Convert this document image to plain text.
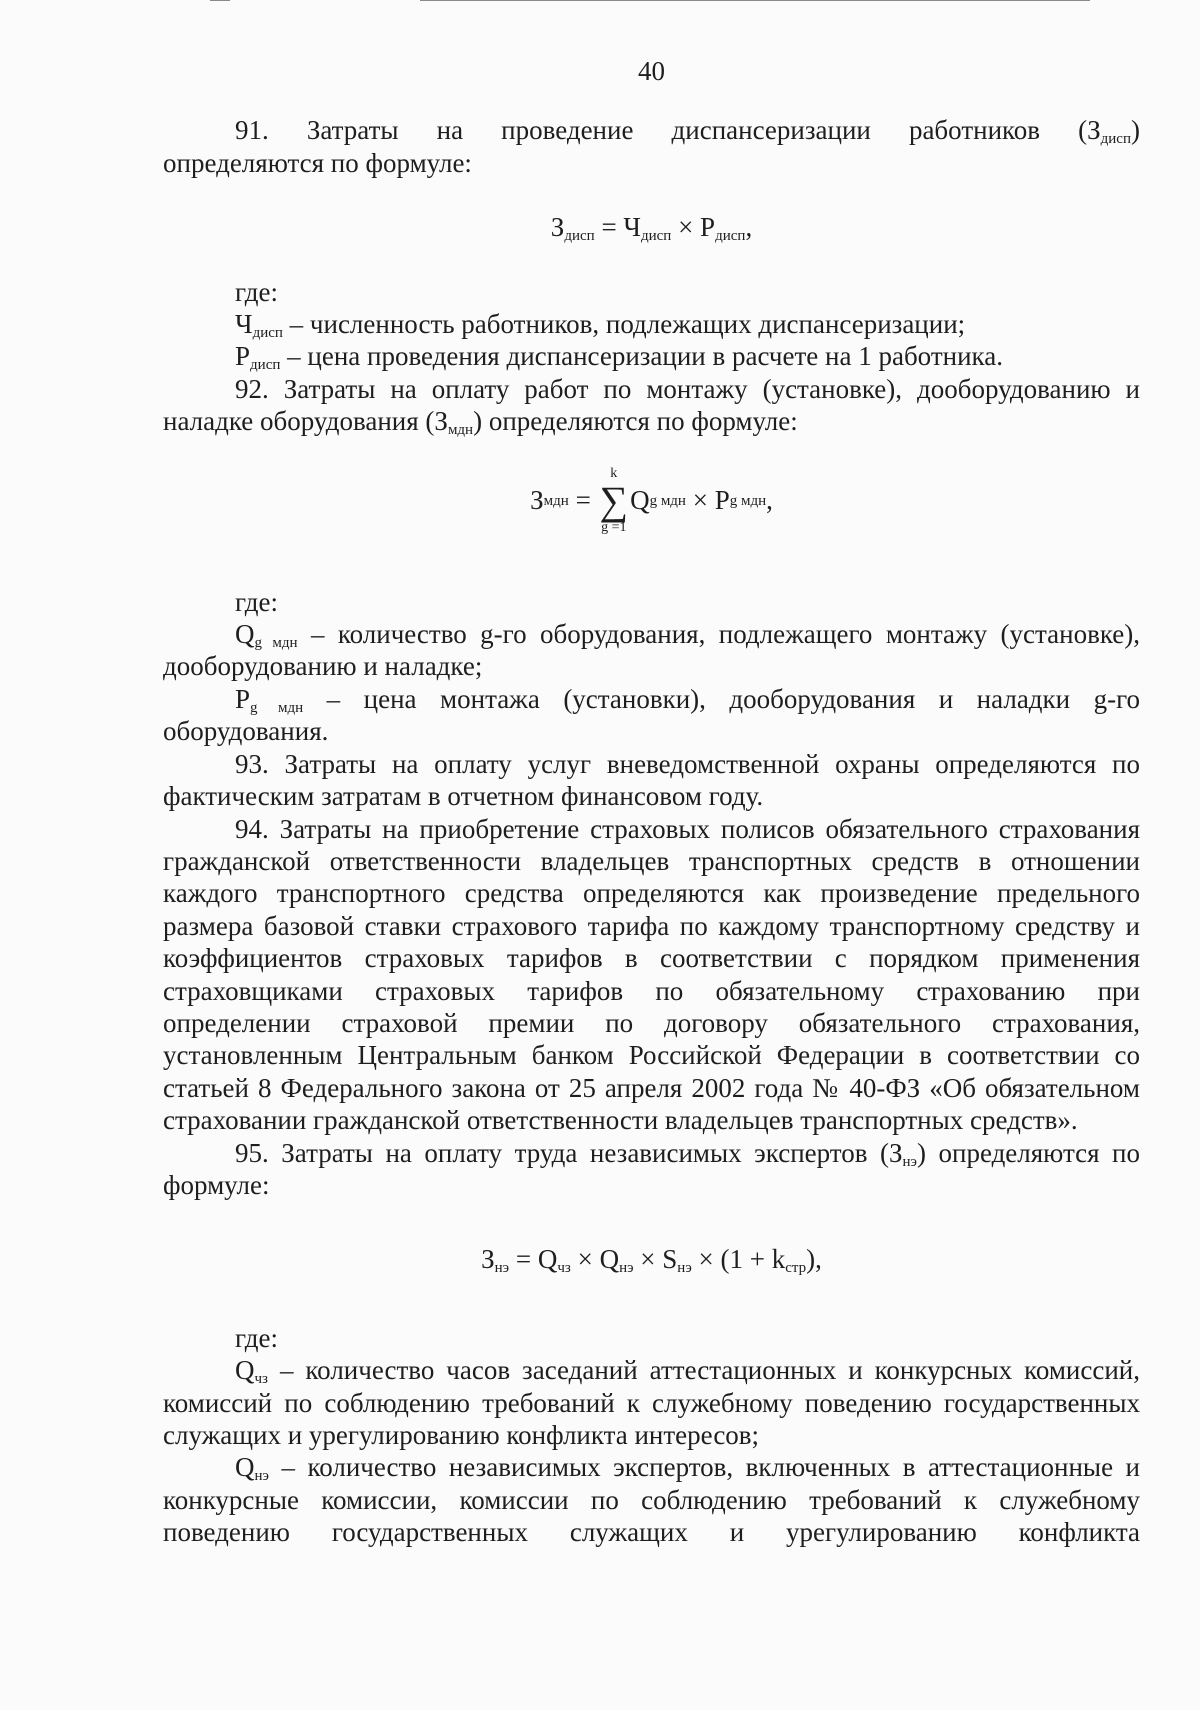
40

91. Затраты на проведение диспансеризации работников $(З_{дисп})$

определяются по формуле:

$З_{дисп} = Ч_{дисп} \times Р_{дисп}$,

где:

$Ч_{дисп}$ – численность работников, подлежащих диспансеризации;

$Р_{дисп}$ – цена проведения диспансеризации в расчете на 1 работника.

92. Затраты на оплату работ по монтажу (установке), дооборудованию и наладке оборудования $(З_{мдн})$ определяются по формуле:

З мдн =
k
∑
g =1
Q g мдн × P g мдн ,

где:

$Q_{g мдн}$ – количество g-го оборудования, подлежащего монтажу (установке), дооборудованию и наладке;

$P_{g мдн}$ – цена монтажа (установки), дооборудования и наладки g-го оборудования.

93. Затраты на оплату услуг вневедомственной охраны определяются по фактическим затратам в отчетном финансовом году.

94. Затраты на приобретение страховых полисов обязательного страхования гражданской ответственности владельцев транспортных средств в отношении каждого транспортного средства определяются как произведение предельного размера базовой ставки страхового тарифа по каждому транспортному средству и коэффициентов страховых тарифов в соответствии с порядком применения страховщиками страховых тарифов по обязательному страхованию при определении страховой премии по договору обязательного страхования, установленным Центральным банком Российской Федерации в соответствии со статьей 8 Федерального закона от 25 апреля 2002 года № 40-ФЗ «Об обязательном страховании гражданской ответственности владельцев транспортных средств».

95. Затраты на оплату труда независимых экспертов $(З_{нэ})$ определяются по формуле:

$З_{нэ} = Q_{чз} \times Q_{нэ} \times S_{нэ} \times (1 + k_{стр})$,

где:

$Q_{чз}$ – количество часов заседаний аттестационных и конкурсных комиссий, комиссий по соблюдению требований к служебному поведению государственных служащих и урегулированию конфликта интересов;

$Q_{нэ}$ – количество независимых экспертов, включенных в аттестационные и конкурсные комиссии, комиссии по соблюдению требований к служебному поведению государственных служащих и урегулированию конфликта
